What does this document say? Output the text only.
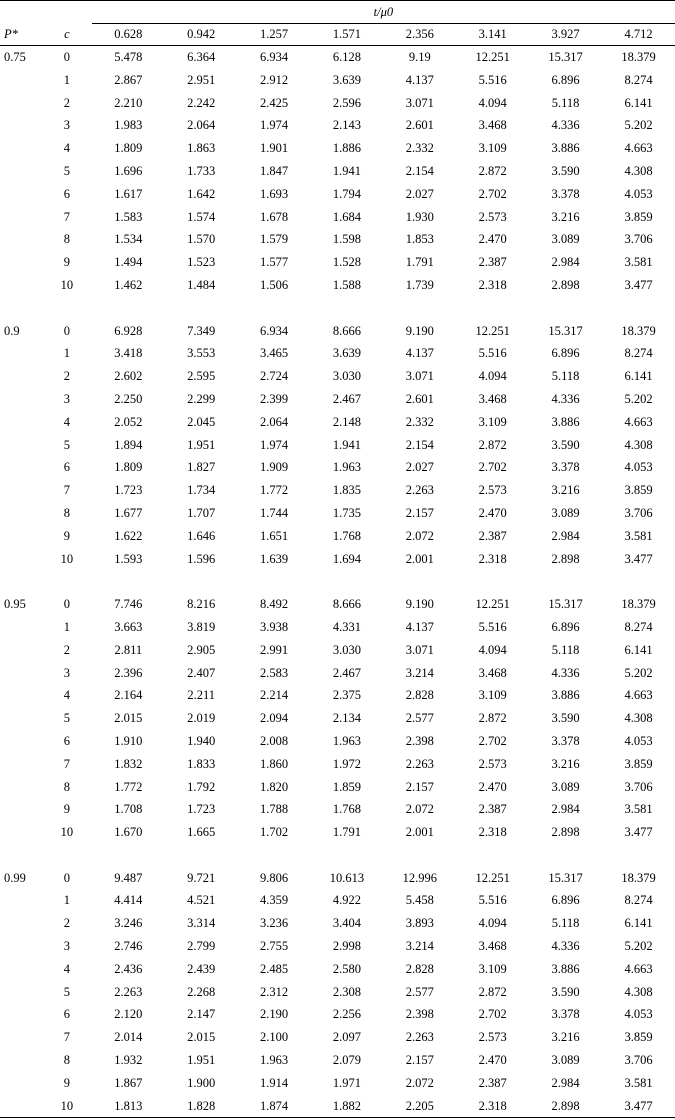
		t/μ0							
P*	c	0.628	0.942	1.257	1.571	2.356	3.141	3.927	4.712
0.75	0	5.478	6.364	6.934	6.128	9.19	12.251	15.317	18.379
	1	2.867	2.951	2.912	3.639	4.137	5.516	6.896	8.274
	2	2.210	2.242	2.425	2.596	3.071	4.094	5.118	6.141
	3	1.983	2.064	1.974	2.143	2.601	3.468	4.336	5.202
	4	1.809	1.863	1.901	1.886	2.332	3.109	3.886	4.663
	5	1.696	1.733	1.847	1.941	2.154	2.872	3.590	4.308
	6	1.617	1.642	1.693	1.794	2.027	2.702	3.378	4.053
	7	1.583	1.574	1.678	1.684	1.930	2.573	3.216	3.859
	8	1.534	1.570	1.579	1.598	1.853	2.470	3.089	3.706
	9	1.494	1.523	1.577	1.528	1.791	2.387	2.984	3.581
	10	1.462	1.484	1.506	1.588	1.739	2.318	2.898	3.477

0.9	0	6.928	7.349	6.934	8.666	9.190	12.251	15.317	18.379
	1	3.418	3.553	3.465	3.639	4.137	5.516	6.896	8.274
	2	2.602	2.595	2.724	3.030	3.071	4.094	5.118	6.141
	3	2.250	2.299	2.399	2.467	2.601	3.468	4.336	5.202
	4	2.052	2.045	2.064	2.148	2.332	3.109	3.886	4.663
	5	1.894	1.951	1.974	1.941	2.154	2.872	3.590	4.308
	6	1.809	1.827	1.909	1.963	2.027	2.702	3.378	4.053
	7	1.723	1.734	1.772	1.835	2.263	2.573	3.216	3.859
	8	1.677	1.707	1.744	1.735	2.157	2.470	3.089	3.706
	9	1.622	1.646	1.651	1.768	2.072	2.387	2.984	3.581
	10	1.593	1.596	1.639	1.694	2.001	2.318	2.898	3.477

0.95	0	7.746	8.216	8.492	8.666	9.190	12.251	15.317	18.379
	1	3.663	3.819	3.938	4.331	4.137	5.516	6.896	8.274
	2	2.811	2.905	2.991	3.030	3.071	4.094	5.118	6.141
	3	2.396	2.407	2.583	2.467	3.214	3.468	4.336	5.202
	4	2.164	2.211	2.214	2.375	2.828	3.109	3.886	4.663
	5	2.015	2.019	2.094	2.134	2.577	2.872	3.590	4.308
	6	1.910	1.940	2.008	1.963	2.398	2.702	3.378	4.053
	7	1.832	1.833	1.860	1.972	2.263	2.573	3.216	3.859
	8	1.772	1.792	1.820	1.859	2.157	2.470	3.089	3.706
	9	1.708	1.723	1.788	1.768	2.072	2.387	2.984	3.581
	10	1.670	1.665	1.702	1.791	2.001	2.318	2.898	3.477

0.99	0	9.487	9.721	9.806	10.613	12.996	12.251	15.317	18.379
	1	4.414	4.521	4.359	4.922	5.458	5.516	6.896	8.274
	2	3.246	3.314	3.236	3.404	3.893	4.094	5.118	6.141
	3	2.746	2.799	2.755	2.998	3.214	3.468	4.336	5.202
	4	2.436	2.439	2.485	2.580	2.828	3.109	3.886	4.663
	5	2.263	2.268	2.312	2.308	2.577	2.872	3.590	4.308
	6	2.120	2.147	2.190	2.256	2.398	2.702	3.378	4.053
	7	2.014	2.015	2.100	2.097	2.263	2.573	3.216	3.859
	8	1.932	1.951	1.963	2.079	2.157	2.470	3.089	3.706
	9	1.867	1.900	1.914	1.971	2.072	2.387	2.984	3.581
	10	1.813	1.828	1.874	1.882	2.205	2.318	2.898	3.477
